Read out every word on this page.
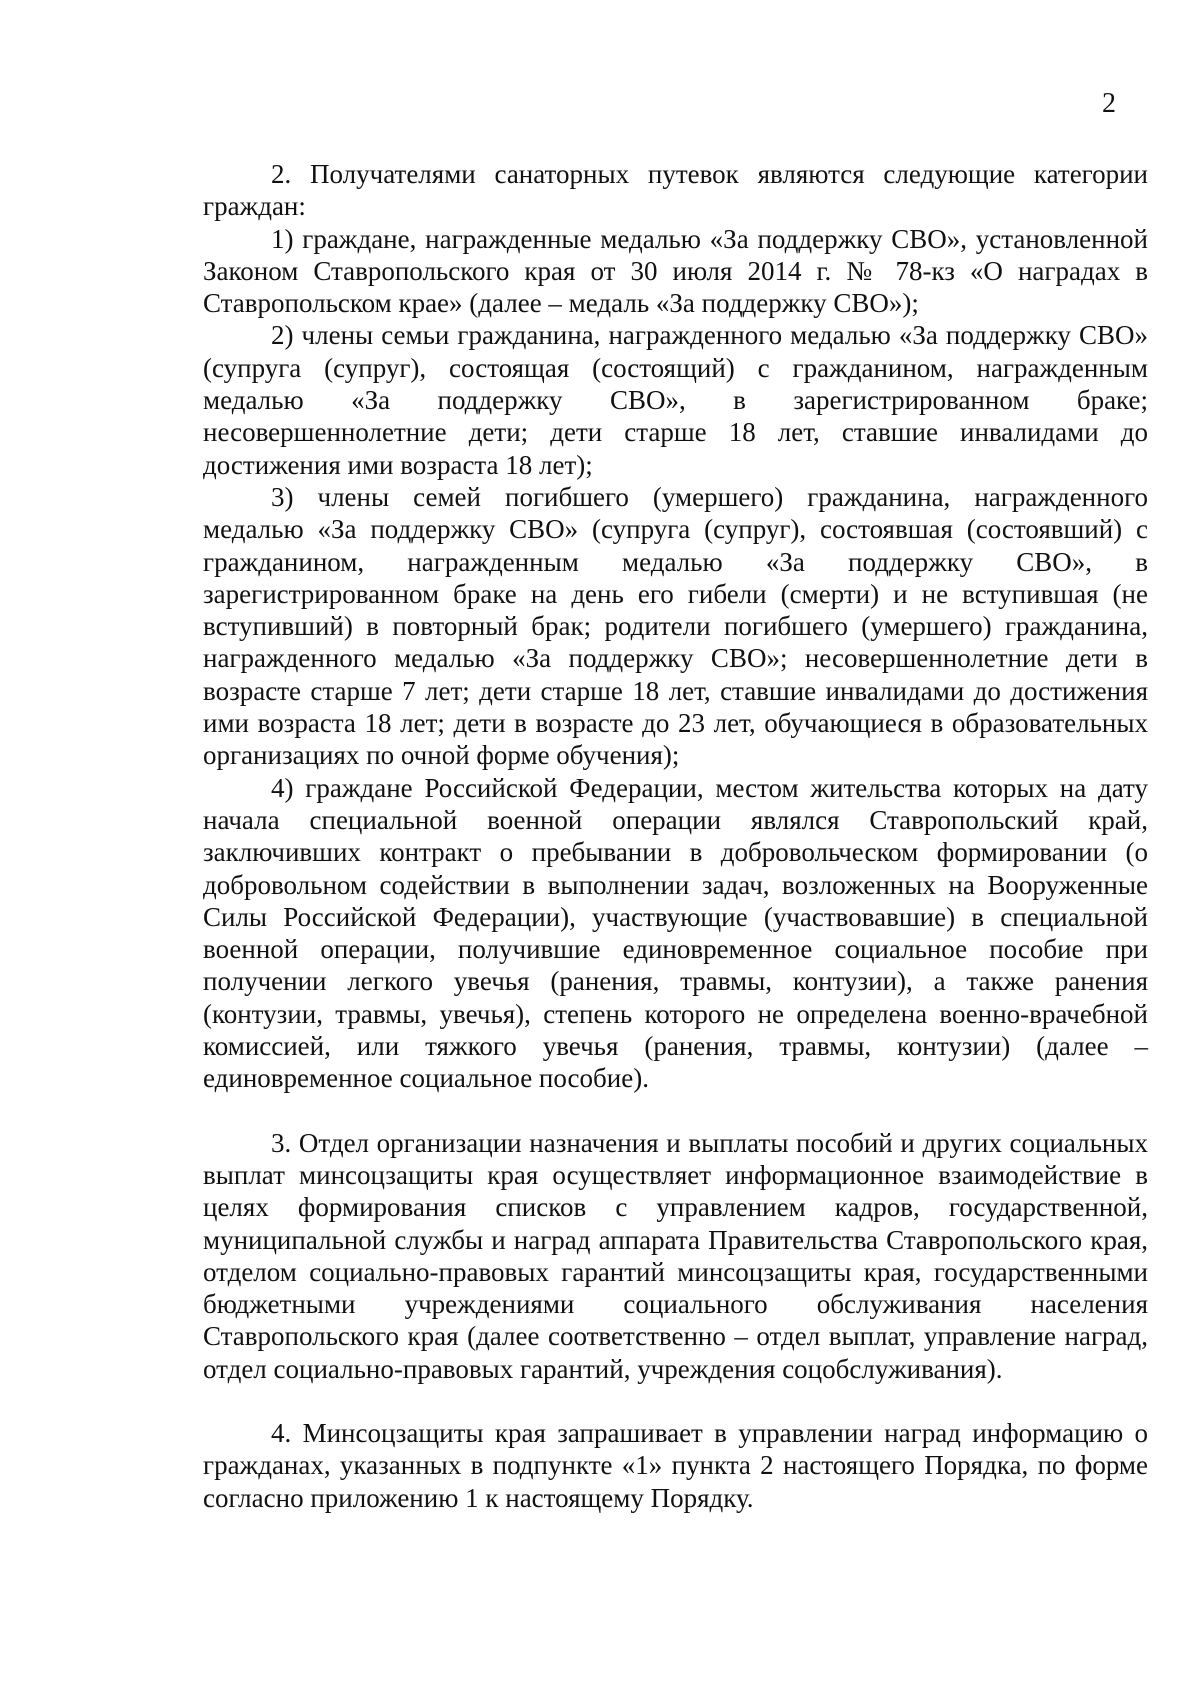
2

2. Получателями санаторных путевок являются следующие категории граждан:

1) граждане, награжденные медалью «За поддержку СВО», установленной Законом Ставропольского края от 30 июля 2014 г. № 78-кз «О наградах в Ставропольском крае» (далее – медаль «За поддержку СВО»);

2) члены семьи гражданина, награжденного медалью «За поддержку СВО» (супруга (супруг), состоящая (состоящий) с гражданином, награжденным медалью «За поддержку СВО», в зарегистрированном браке; несовершеннолетние дети; дети старше 18 лет, ставшие инвалидами до достижения ими возраста 18 лет);

3) члены семей погибшего (умершего) гражданина, награжденного медалью «За поддержку СВО» (супруга (супруг), состоявшая (состоявший) с гражданином, награжденным медалью «За поддержку СВО», в зарегистрированном браке на день его гибели (смерти) и не вступившая (не вступивший) в повторный брак; родители погибшего (умершего) гражданина, награжденного медалью «За поддержку СВО»; несовершеннолетние дети в возрасте старше 7 лет; дети старше 18 лет, ставшие инвалидами до достижения ими возраста 18 лет; дети в возрасте до 23 лет, обучающиеся в образовательных организациях по очной форме обучения);

4) граждане Российской Федерации, местом жительства которых на дату начала специальной военной операции являлся Ставропольский край, заключивших контракт о пребывании в добровольческом формировании (о добровольном содействии в выполнении задач, возложенных на Вооруженные Силы Российской Федерации), участвующие (участвовавшие) в специальной военной операции, получившие единовременное социальное пособие при получении легкого увечья (ранения, травмы, контузии), а также ранения (контузии, травмы, увечья), степень которого не определена военно-врачебной комиссией, или тяжкого увечья (ранения, травмы, контузии) (далее – единовременное социальное пособие).

3. Отдел организации назначения и выплаты пособий и других социальных выплат минсоцзащиты края осуществляет информационное взаимодействие в целях формирования списков с управлением кадров, государственной, муниципальной службы и наград аппарата Правительства Ставропольского края, отделом социально-правовых гарантий минсоцзащиты края, государственными бюджетными учреждениями социального обслуживания населения Ставропольского края (далее соответственно – отдел выплат, управление наград, отдел социально-правовых гарантий, учреждения соцобслуживания).

4. Минсоцзащиты края запрашивает в управлении наград информацию о гражданах, указанных в подпункте «1» пункта 2 настоящего Порядка, по форме согласно приложению 1 к настоящему Порядку.
